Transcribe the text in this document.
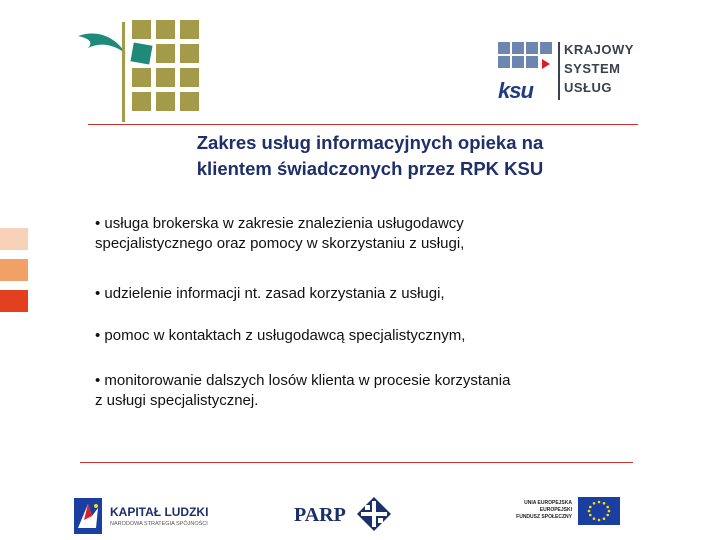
ksu
KRAJOWY
SYSTEM
USŁUG
Zakres usług informacyjnych opieka na
klientem świadczonych przez RPK KSU
• usługa brokerska w zakresie znalezienia usługodawcy
specjalistycznego oraz pomocy w skorzystaniu z usługi,
• udzielenie informacji nt. zasad korzystania z usługi,
• pomoc w kontaktach z usługodawcą specjalistycznym,
• monitorowanie dalszych losów klienta w procesie korzystania
z usługi specjalistycznej.
KAPITAŁ LUDZKI
NARODOWA STRATEGIA SPÓJNOŚCI	PARP
UNIA EUROPEJSKA
EUROPEJSKI
FUNDUSZ SPOŁECZNY
